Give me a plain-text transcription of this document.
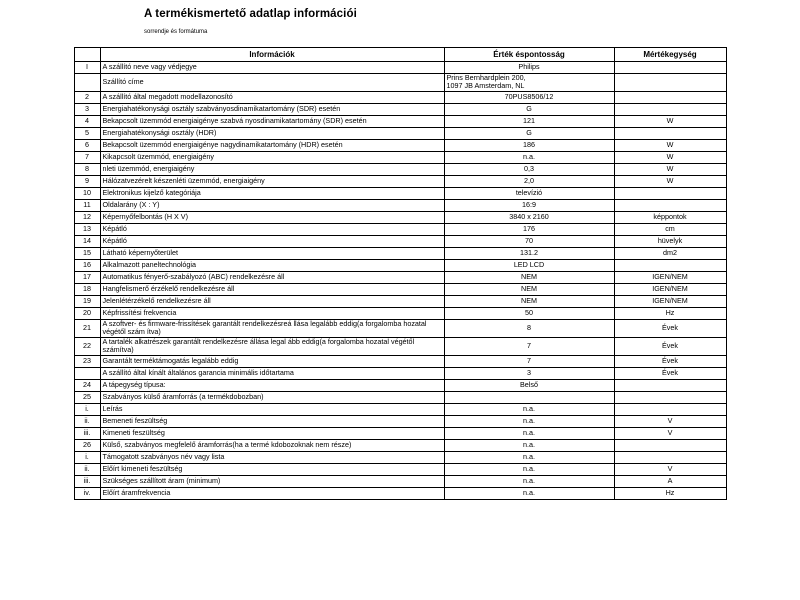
A termékismertető adatlap információi
sorrendje és formátuma
	Információk	Érték éspontosság	Mértékegység
I	A szállító neve vagy védjegye	Philips	
	Szállító címe	Prins Bernhardplein 200,
1097 JB Amsterdam, NL	
2	A szállító által megadott modellazonosító	70PUS8506/12	
3	Energiahatékonysági osztály szabványosdinamikatartomány (SDR) esetén	G	
4	Bekapcsolt üzemmód energiaigénye szabvá nyosdinamikatartomány (SDR) esetén	121	W
5	Energiahatékonysági osztály (HDR)	G	
6	Bekapcsolt üzemmód energiaigénye nagydinamikatartomány (HDR) esetén	186	W
7	Kikapcsolt üzemmód, energiaigény	n.a.	W
8	nleti üzemmód, energiaigény	0,3	W
9	Hálózatvezérelt készenléti üzemmód, energiaigény	2,0	W
10	Elektronikus kijelző kategóriája	televízió	
11	Oldalarány (X : Y)	16:9	
12	Képernyőfelbontás (H X V)	3840 x 2160	képpontok
13	Képátló	176	cm
14	Képátló	70	hüvelyk
15	Látható képernyőterület	131.2	dm2
16	Alkalmazott paneltechnológia	LED LCD	
17	Automatikus fényerő-szabályozó (ABC) rendelkezésre áll	NEM	IGEN/NEM
18	Hangfelismerő érzékelő rendelkezésre áll	NEM	IGEN/NEM
19	Jelenlétérzékelő rendelkezésre áll	NEM	IGEN/NEM
20	Képfrissítési frekvencia	50	Hz
21	A szoftver- és firmware-frissítések garantált rendelkezésreá llása legalább eddig(a forgalomba hozatal végétől szám ítva)	8	Évek
22	A tartalék alkatrészek garantált rendelkezésre állása legal ább eddig(a forgalomba hozatal végétől számítva)	7	Évek
23	Garantált terméktámogatás legalább eddig	7	Évek
	A szállító által kínált általános garancia minimális időtartama	3	Évek
24	A tápegység típusa:	Belső	
25	Szabványos külső áramforrás (a termékdobozban)		
i.	Leírás	n.a.	
ii.	Bemeneti feszültség	n.a.	V
iii.	Kimeneti feszültség	n.a.	V
26	Külső, szabványos megfelelő áramforrás(ha a termé kdobozoknak nem része)	n.a.	
i.	Támogatott szabványos név vagy lista	n.a.	
ii.	Előírt kimeneti feszültség	n.a.	V
iii.	Szükséges szállított áram (minimum)	n.a.	A
iv.	Előírt áramfrekvencia	n.a.	Hz
